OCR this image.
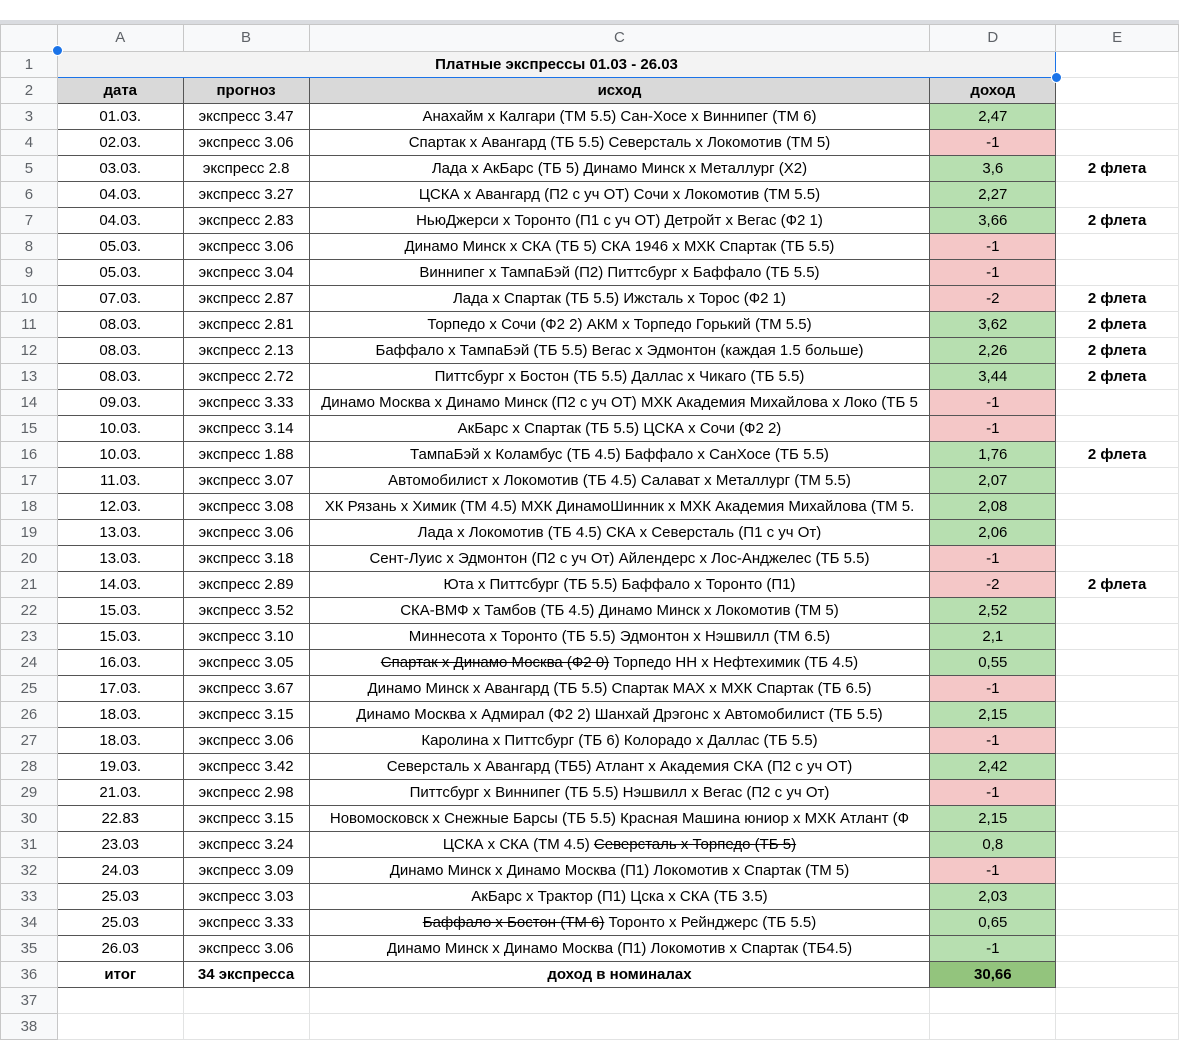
	A	B	C	D	E
1	Платные экспрессы 01.03 - 26.03				
2	дата	прогноз	исход	доход	
3	01.03.	экспресс 3.47	Анахайм х Калгари (ТМ 5.5) Сан-Хосе х Виннипег (ТМ 6)	2,47	
4	02.03.	экспресс 3.06	Спартак х Авангард (ТБ 5.5) Северсталь х Локомотив (ТМ 5)	-1	
5	03.03.	экспресс 2.8	Лада х АкБарс (ТБ 5) Динамо Минск х Металлург (Х2)	3,6	2 флета
6	04.03.	экспресс 3.27	ЦСКА х Авангард (П2 с уч ОТ) Сочи х Локомотив (ТМ 5.5)	2,27	
7	04.03.	экспресс 2.83	НьюДжерси х Торонто (П1 с уч ОТ) Детройт х Вегас (Ф2 1)	3,66	2 флета
8	05.03.	экспресс 3.06	Динамо Минск х СКА (ТБ 5) СКА 1946 х МХК Спартак (ТБ 5.5)	-1	
9	05.03.	экспресс 3.04	Виннипег х ТампаБэй (П2) Питтсбург х Баффало (ТБ 5.5)	-1	
10	07.03.	экспресс 2.87	Лада х Спартак (ТБ 5.5) Ижсталь х Торос (Ф2 1)	-2	2 флета
11	08.03.	экспресс 2.81	Торпедо х Сочи (Ф2 2) АКМ х Торпедо Горький (ТМ 5.5)	3,62	2 флета
12	08.03.	экспресс 2.13	Баффало х ТампаБэй (ТБ 5.5) Вегас х Эдмонтон (каждая 1.5 больше)	2,26	2 флета
13	08.03.	экспресс 2.72	Питтсбург х Бостон (ТБ 5.5) Даллас х Чикаго (ТБ 5.5)	3,44	2 флета
14	09.03.	экспресс 3.33	Динамо Москва х Динамо Минск (П2 с уч ОТ) МХК Академия Михайлова х Локо (ТБ 5	-1	
15	10.03.	экспресс 3.14	АкБарс х Спартак (ТБ 5.5) ЦСКА х Сочи (Ф2 2)	-1	
16	10.03.	экспресс 1.88	ТампаБэй х Коламбус (ТБ 4.5) Баффало х СанХосе (ТБ 5.5)	1,76	2 флета
17	11.03.	экспресс 3.07	Автомобилист х Локомотив (ТБ 4.5) Салават х Металлург (ТМ 5.5)	2,07	
18	12.03.	экспресс 3.08	ХК Рязань х Химик (ТМ 4.5) МХК ДинамоШинник х МХК Академия Михайлова (ТМ 5.	2,08	
19	13.03.	экспресс 3.06	Лада х Локомотив (ТБ 4.5) СКА х Северсталь (П1 с уч От)	2,06	
20	13.03.	экспресс 3.18	Сент-Луис х Эдмонтон (П2 с уч От) Айлендерс х Лос-Анджелес (ТБ 5.5)	-1	
21	14.03.	экспресс 2.89	Юта х Питтсбург (ТБ 5.5) Баффало х Торонто (П1)	-2	2 флета
22	15.03.	экспресс 3.52	СКА-ВМФ х Тамбов (ТБ 4.5) Динамо Минск х Локомотив (ТМ 5)	2,52	
23	15.03.	экспресс 3.10	Миннесота х Торонто (ТБ 5.5) Эдмонтон х Нэшвилл (ТМ 6.5)	2,1	
24	16.03.	экспресс 3.05	Спартак х Динамо Москва (Ф2 0) Торпедо НН х Нефтехимик (ТБ 4.5)	0,55	
25	17.03.	экспресс 3.67	Динамо Минск х Авангард (ТБ 5.5) Спартак МАХ х МХК Спартак (ТБ 6.5)	-1	
26	18.03.	экспресс 3.15	Динамо Москва х Адмирал (Ф2 2) Шанхай Дрэгонс х Автомобилист (ТБ 5.5)	2,15	
27	18.03.	экспресс 3.06	Каролина х Питтсбург (ТБ 6) Колорадо х Даллас (ТБ 5.5)	-1	
28	19.03.	экспресс 3.42	Северсталь х Авангард (ТБ5) Атлант х Академия СКА (П2 с уч ОТ)	2,42	
29	21.03.	экспресс 2.98	Питтсбург х Виннипег (ТБ 5.5) Нэшвилл х Вегас (П2 с уч От)	-1	
30	22.83	экспресс 3.15	Новомосковск х Снежные Барсы (ТБ 5.5) Красная Машина юниор х МХК Атлант (Ф	2,15	
31	23.03	экспресс 3.24	ЦСКА х СКА (ТМ 4.5) Северсталь х Торпедо (ТБ 5)	0,8	
32	24.03	экспресс 3.09	Динамо Минск х Динамо Москва (П1) Локомотив х Спартак (ТМ 5)	-1	
33	25.03	экспресс 3.03	АкБарс х Трактор (П1) Цска х СКА (ТБ 3.5)	2,03	
34	25.03	экспресс 3.33	Баффало х Бостон (ТМ 6) Торонто х Рейнджерс (ТБ 5.5)	0,65	
35	26.03	экспресс 3.06	Динамо Минск х Динамо Москва (П1) Локомотив х Спартак (ТБ4.5)	-1	
36	итог	34 экспресса	доход в номиналах	30,66	
37					
38					
